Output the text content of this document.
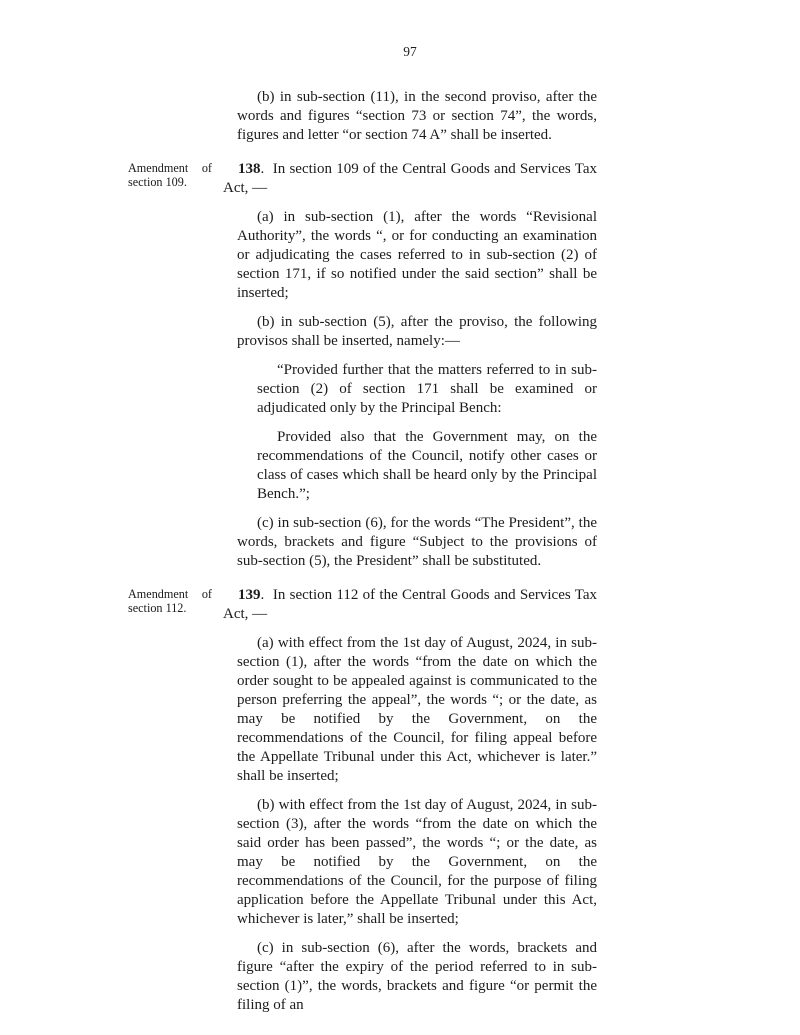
97

(b) in sub-section (11), in the second proviso, after the words and figures “section 73 or section 74”, the words, figures and letter “or section 74 A” shall be inserted.

Amendment of section 109.
138.  In section 109 of the Central Goods and Services Tax Act, —

(a) in sub-section (1), after the words “Revisional Authority”, the words “, or for conducting an examination or adjudicating the cases referred to in sub-section (2) of section 171, if so notified under the said section” shall be inserted;

(b) in sub-section (5), after the proviso, the following provisos shall be inserted, namely:—

“Provided further that the matters referred to in sub-section (2) of section 171 shall be examined or adjudicated only by the Principal Bench:

Provided also that the Government may, on the recommendations of the Council, notify other cases or class of cases which shall be heard only by the Principal Bench.”;

(c) in sub-section (6), for the words “The President”, the words, brackets and figure “Subject to the provisions of sub-section (5), the President” shall be substituted.

Amendment of section 112.
139.  In section 112 of the Central Goods and Services Tax Act, —

(a) with effect from the 1st day of August, 2024, in sub-section (1), after the words “from the date on which the order sought to be appealed against is communicated to the person preferring the appeal”, the words “; or the date, as may be notified by the Government, on the recommendations of the Council, for filing appeal before the Appellate Tribunal under this Act, whichever is later.” shall be inserted;

(b) with effect from the 1st day of August, 2024, in sub-section (3), after the words “from the date on which the said order has been passed”, the words “; or the date, as may be notified by the Government, on the recommendations of the Council, for the purpose of filing application before the Appellate Tribunal under this Act, whichever is later,” shall be inserted;

(c) in sub-section (6), after the words, brackets and figure “after the expiry of the period referred to in sub-section (1)”, the words, brackets and figure “or permit the filing of an
